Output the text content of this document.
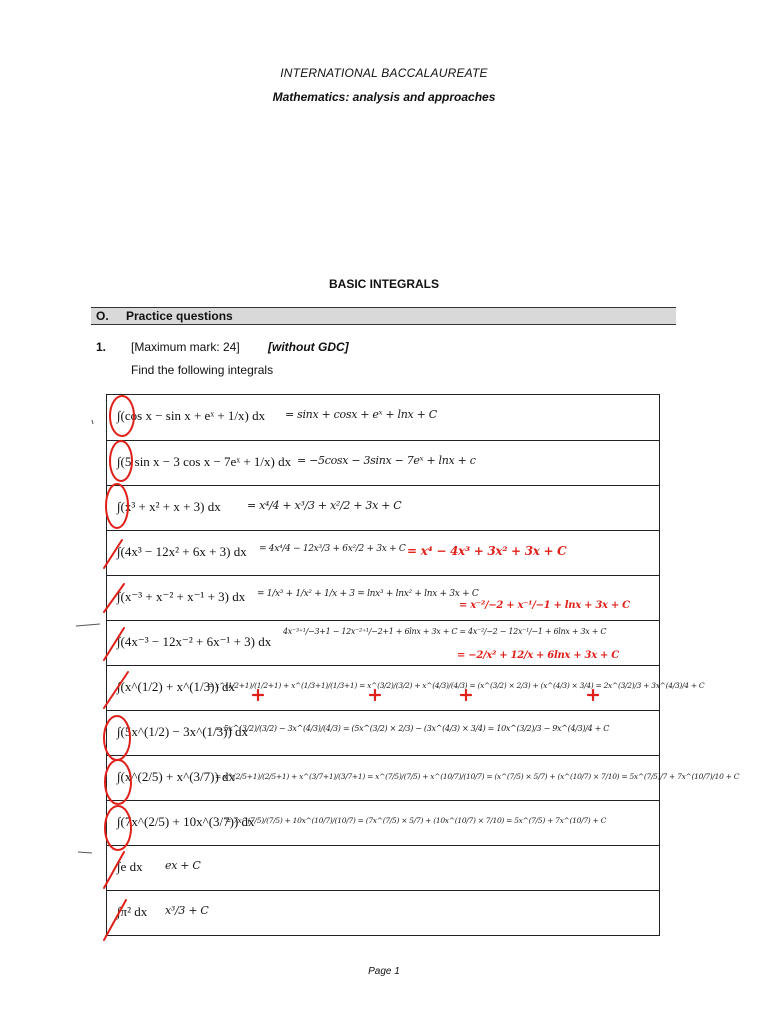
INTERNATIONAL BACCALAUREATE
Mathematics: analysis and approaches
BASIC INTEGRALS
O. Practice questions
1. [Maximum mark: 24] [without GDC]
Find the following integrals
∫(cos x − sin x + eˣ + 1/x) dx = sinx + cosx + eˣ + lnx + C
∫(5 sin x − 3 cos x − 7eˣ + 1/x) dx = −5cosx − 3sinx − 7eˣ + lnx + c
∫(x³ + x² + x + 3) dx = x⁴/4 + x³/3 + x²/2 + 3x + C
∫(4x³ − 12x² + 6x + 3) dx = 4x⁴/4 − 12x³/3 + 6x²/2 + 3x + C = x⁴ − 4x³ + 3x² + 3x + C
∫(x⁻³ + x⁻² + x⁻¹ + 3) dx = 1/x³ + 1/x² + 1/x + 3 = lnx³ + lnx² + lnx + 3x + C
= x⁻²/−2 + x⁻¹/−1 + lnx + 3x + C
∫(4x⁻³ − 12x⁻² + 6x⁻¹ + 3) dx
4x⁻³⁺¹/−3+1 − 12x⁻²⁺¹/−2+1 + 6lnx + 3x + C = 4x⁻²/−2 − 12x⁻¹/−1 + 6lnx + 3x + C
= −2/x² + 12/x + 6lnx + 3x + C
∫(x^(1/2) + x^(1/3)) dx
= x^(1/2+1)/(1/2+1) + x^(1/3+1)/(1/3+1) = x^(3/2)/(3/2) + x^(4/3)/(4/3) = (x^(3/2) × 2/3) + (x^(4/3) × 3/4) = 2x^(3/2)/3 + 3x^(4/3)/4 + C
∫(5x^(1/2) − 3x^(1/3)) dx
= 5x^(3/2)/(3/2) − 3x^(4/3)/(4/3) = (5x^(3/2) × 2/3) − (3x^(4/3) × 3/4) = 10x^(3/2)/3 − 9x^(4/3)/4 + C
∫(x^(2/5) + x^(3/7)) dx
= x^(2/5+1)/(2/5+1) + x^(3/7+1)/(3/7+1) = x^(7/5)/(7/5) + x^(10/7)/(10/7) = (x^(7/5) × 5/7) + (x^(10/7) × 7/10) = 5x^(7/5)/7 + 7x^(10/7)/10 + C
∫(7x^(2/5) + 10x^(3/7)) dx
= 7x^(7/5)/(7/5) + 10x^(10/7)/(10/7) = (7x^(7/5) × 5/7) + (10x^(10/7) × 7/10) = 5x^(7/5) + 7x^(10/7) + C
∫e dx ex + C
∫π² dx x³/3 + C
Page 1
